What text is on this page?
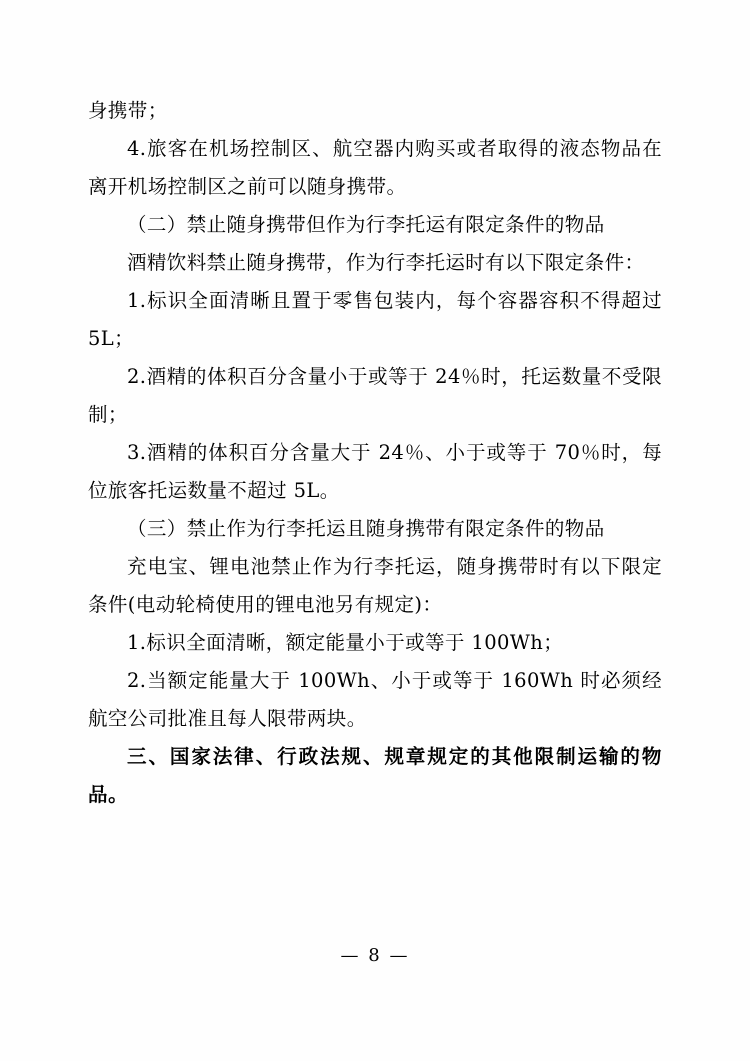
身携带；

4.旅客在机场控制区、航空器内购买或者取得的液态物品在离开机场控制区之前可以随身携带。

（二）禁止随身携带但作为行李托运有限定条件的物品

酒精饮料禁止随身携带，作为行李托运时有以下限定条件：

1.标识全面清晰且置于零售包装内，每个容器容积不得超过 5L；

2.酒精的体积百分含量小于或等于 24％时，托运数量不受限制；

3.酒精的体积百分含量大于 24％、小于或等于 70％时，每位旅客托运数量不超过 5L。

（三）禁止作为行李托运且随身携带有限定条件的物品

充电宝、锂电池禁止作为行李托运，随身携带时有以下限定条件(电动轮椅使用的锂电池另有规定)：

1.标识全面清晰，额定能量小于或等于 100Wh；

2.当额定能量大于 100Wh、小于或等于 160Wh 时必须经航空公司批准且每人限带两块。

三、国家法律、行政法规、规章规定的其他限制运输的物品。

— 8 —
